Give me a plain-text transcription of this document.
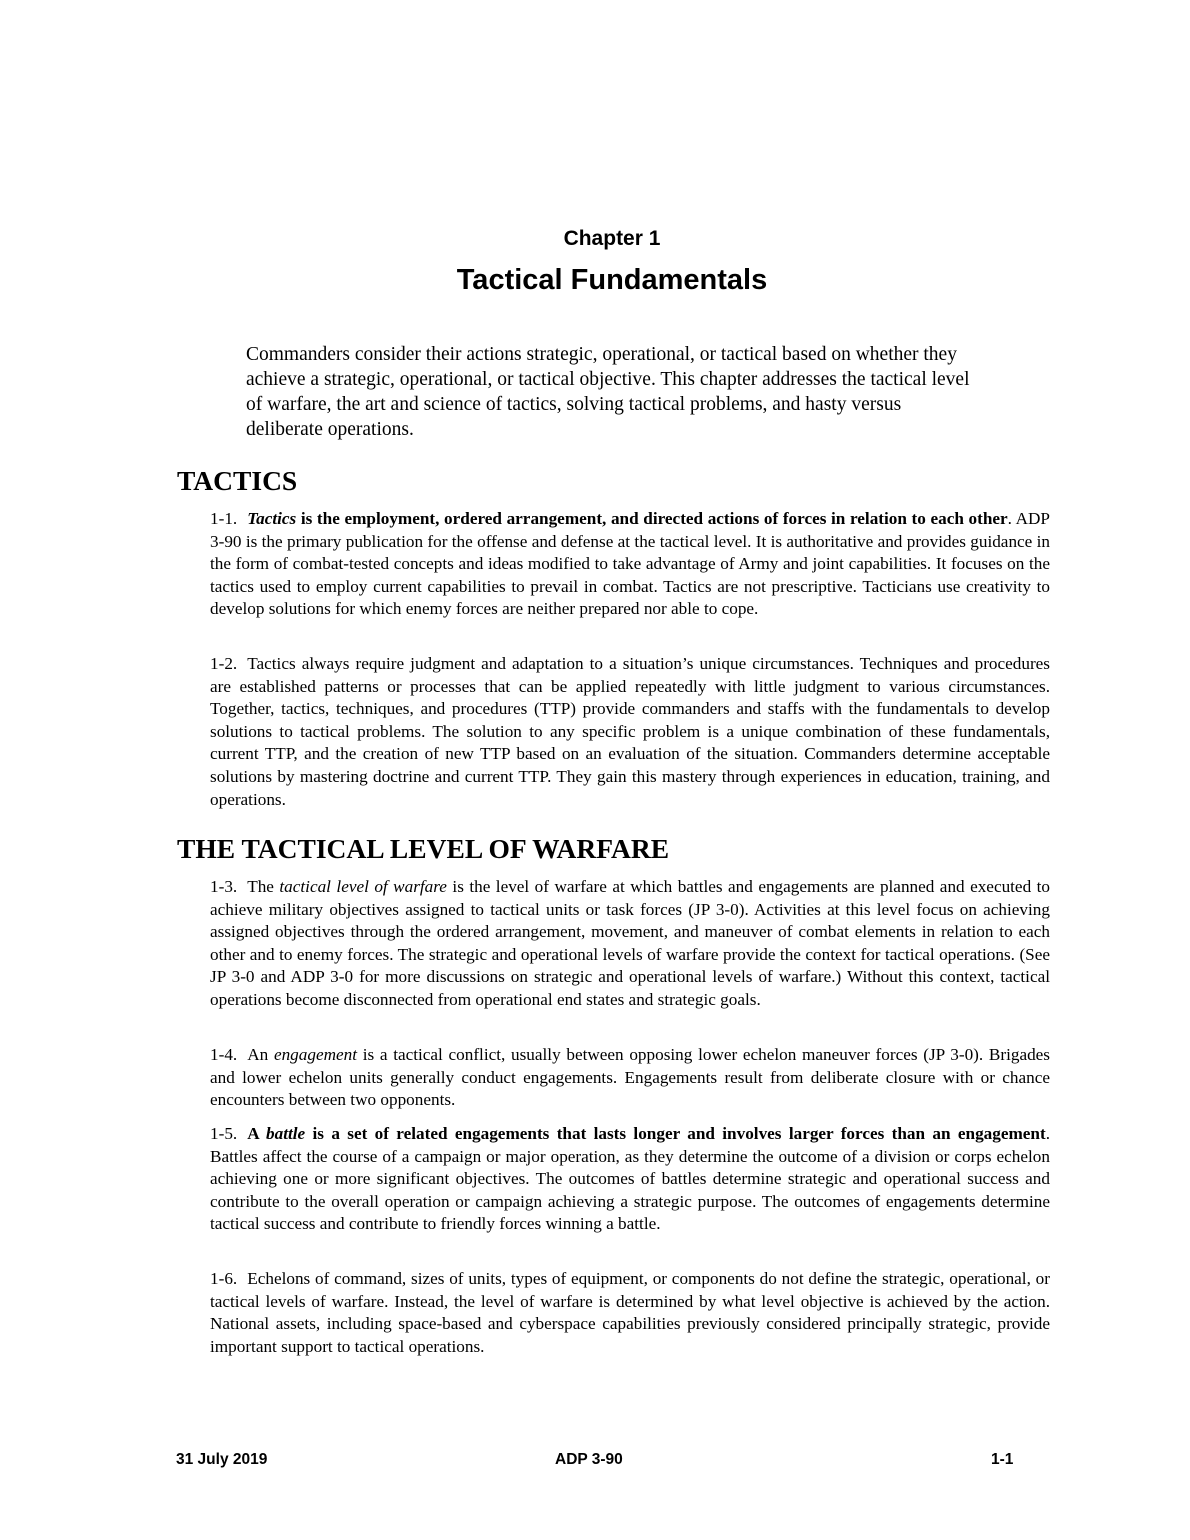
Chapter 1
Tactical Fundamentals
Commanders consider their actions strategic, operational, or tactical based on whether they achieve a strategic, operational, or tactical objective. This chapter addresses the tactical level of warfare, the art and science of tactics, solving tactical problems, and hasty versus deliberate operations.
TACTICS

1-1. Tactics is the employment, ordered arrangement, and directed actions of forces in relation to each other. ADP 3-90 is the primary publication for the offense and defense at the tactical level. It is authoritative and provides guidance in the form of combat-tested concepts and ideas modified to take advantage of Army and joint capabilities. It focuses on the tactics used to employ current capabilities to prevail in combat. Tactics are not prescriptive. Tacticians use creativity to develop solutions for which enemy forces are neither prepared nor able to cope.

1-2. Tactics always require judgment and adaptation to a situation’s unique circumstances. Techniques and procedures are established patterns or processes that can be applied repeatedly with little judgment to various circumstances. Together, tactics, techniques, and procedures (TTP) provide commanders and staffs with the fundamentals to develop solutions to tactical problems. The solution to any specific problem is a unique combination of these fundamentals, current TTP, and the creation of new TTP based on an evaluation of the situation. Commanders determine acceptable solutions by mastering doctrine and current TTP. They gain this mastery through experiences in education, training, and operations.

THE TACTICAL LEVEL OF WARFARE

1-3. The tactical level of warfare is the level of warfare at which battles and engagements are planned and executed to achieve military objectives assigned to tactical units or task forces (JP 3-0). Activities at this level focus on achieving assigned objectives through the ordered arrangement, movement, and maneuver of combat elements in relation to each other and to enemy forces. The strategic and operational levels of warfare provide the context for tactical operations. (See JP 3-0 and ADP 3-0 for more discussions on strategic and operational levels of warfare.) Without this context, tactical operations become disconnected from operational end states and strategic goals.

1-4. An engagement is a tactical conflict, usually between opposing lower echelon maneuver forces (JP 3-0). Brigades and lower echelon units generally conduct engagements. Engagements result from deliberate closure with or chance encounters between two opponents.

1-5. A battle is a set of related engagements that lasts longer and involves larger forces than an engagement. Battles affect the course of a campaign or major operation, as they determine the outcome of a division or corps echelon achieving one or more significant objectives. The outcomes of battles determine strategic and operational success and contribute to the overall operation or campaign achieving a strategic purpose. The outcomes of engagements determine tactical success and contribute to friendly forces winning a battle.

1-6. Echelons of command, sizes of units, types of equipment, or components do not define the strategic, operational, or tactical levels of warfare. Instead, the level of warfare is determined by what level objective is achieved by the action. National assets, including space-based and cyberspace capabilities previously considered principally strategic, provide important support to tactical operations.

31 July 2019	ADP 3-90	1-1
